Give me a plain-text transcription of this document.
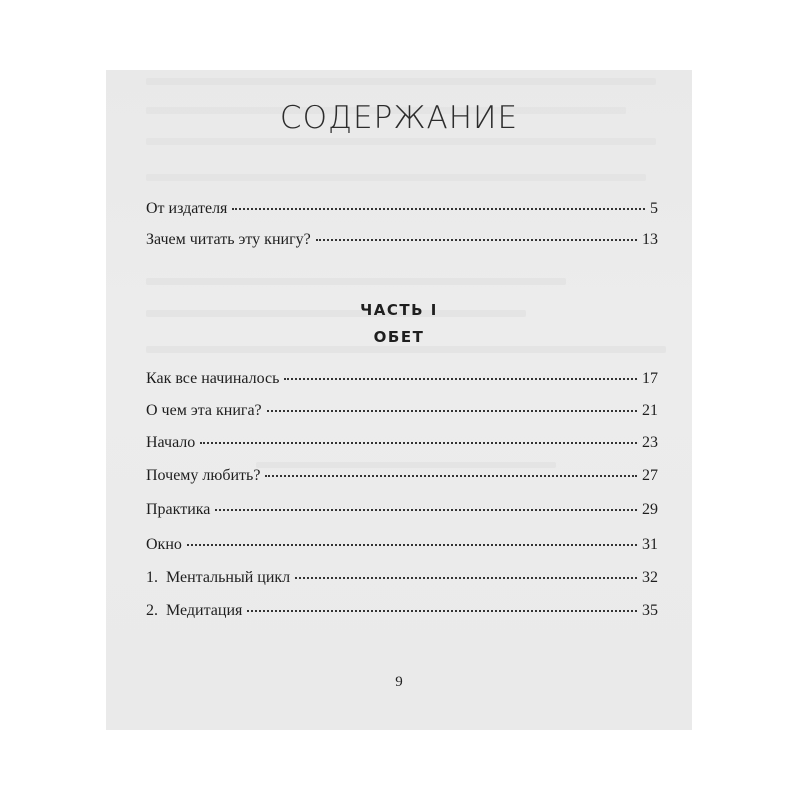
СОДЕРЖАНИЕ
От издателя	5
Зачем читать эту книгу?	13
ЧАСТЬ I
ОБЕТ
Как все начиналось	17
О чем эта книга?	21
Начало	23
Почему любить?	27
Практика	29
Окно	31
1.  Ментальный цикл	32
2.  Медитация	35
9
